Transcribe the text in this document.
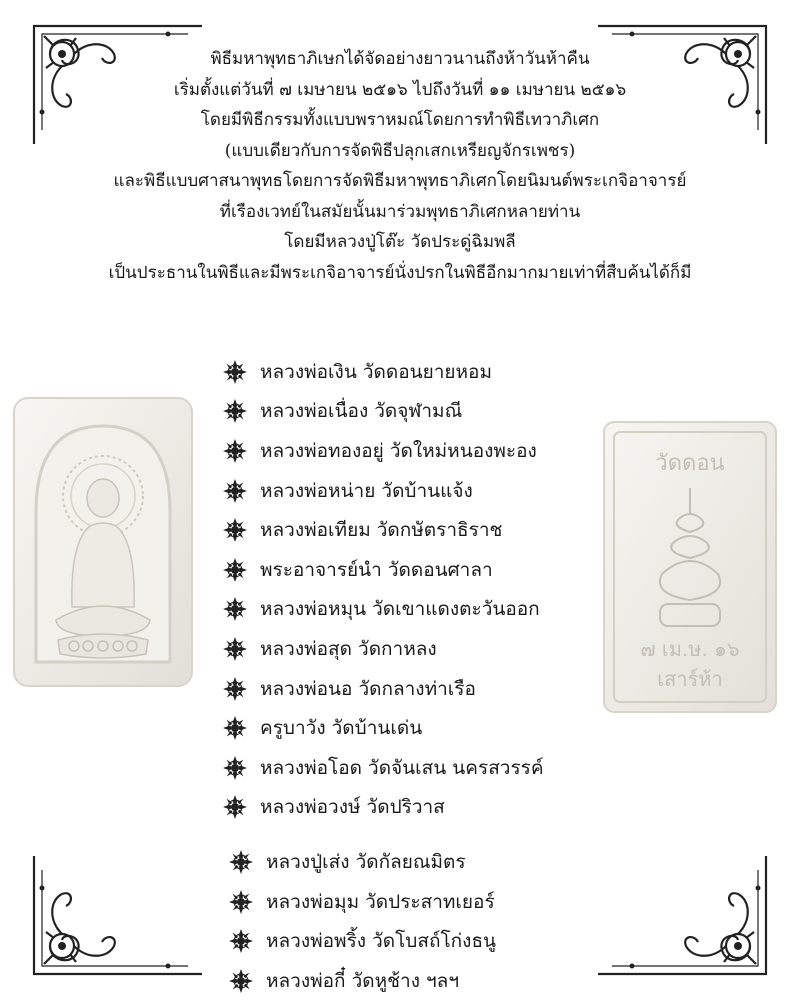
พิธีมหาพุทธาภิเษกได้จัดอย่างยาวนานถึงห้าวันห้าคืน
เริ่มตั้งแต่วันที่ ๗ เมษายน ๒๕๑๖ ไปถึงวันที่ ๑๑ เมษายน ๒๕๑๖
โดยมีพิธีกรรมทั้งแบบพราหมณ์โดยการทำพิธีเทวาภิเศก
(แบบเดียวกับการจัดพิธีปลุกเสกเหรียญจักรเพชร)
และพิธีแบบศาสนาพุทธโดยการจัดพิธีมหาพุทธาภิเศกโดยนิมนต์พระเกจิอาจารย์
ที่เรืองเวทย์ในสมัยนั้นมาร่วมพุทธาภิเศกหลายท่าน
โดยมีหลวงปู่โต๊ะ วัดประดู่ฉิมพลี
เป็นประธานในพิธีและมีพระเกจิอาจารย์นั่งปรกในพิธีอีกมากมายเท่าที่สืบค้นได้ก็มี
วัดดอน
๗ เม.ษ. ๑๖
เสาร์ห้า
หลวงพ่อเงิน วัดดอนยายหอม
หลวงพ่อเนื่อง วัดจุฬามณี
หลวงพ่อทองอยู่ วัดใหม่หนองพะอง
หลวงพ่อหน่าย วัดบ้านแจ้ง
หลวงพ่อเทียม วัดกษัตราธิราช
พระอาจารย์นำ วัดดอนศาลา
หลวงพ่อหมุน วัดเขาแดงตะวันออก
หลวงพ่อสุด วัดกาหลง
หลวงพ่อนอ วัดกลางท่าเรือ
ครูบาวัง วัดบ้านเด่น
หลวงพ่อโอด วัดจันเสน นครสวรรค์
หลวงพ่อวงษ์ วัดปริวาส
หลวงปู่เส่ง วัดกัลยณมิตร
หลวงพ่อมุม วัดประสาทเยอร์
หลวงพ่อพริ้ง วัดโบสถ์โก่งธนู
หลวงพ่อกี๋ วัดหูช้าง ฯลฯ
